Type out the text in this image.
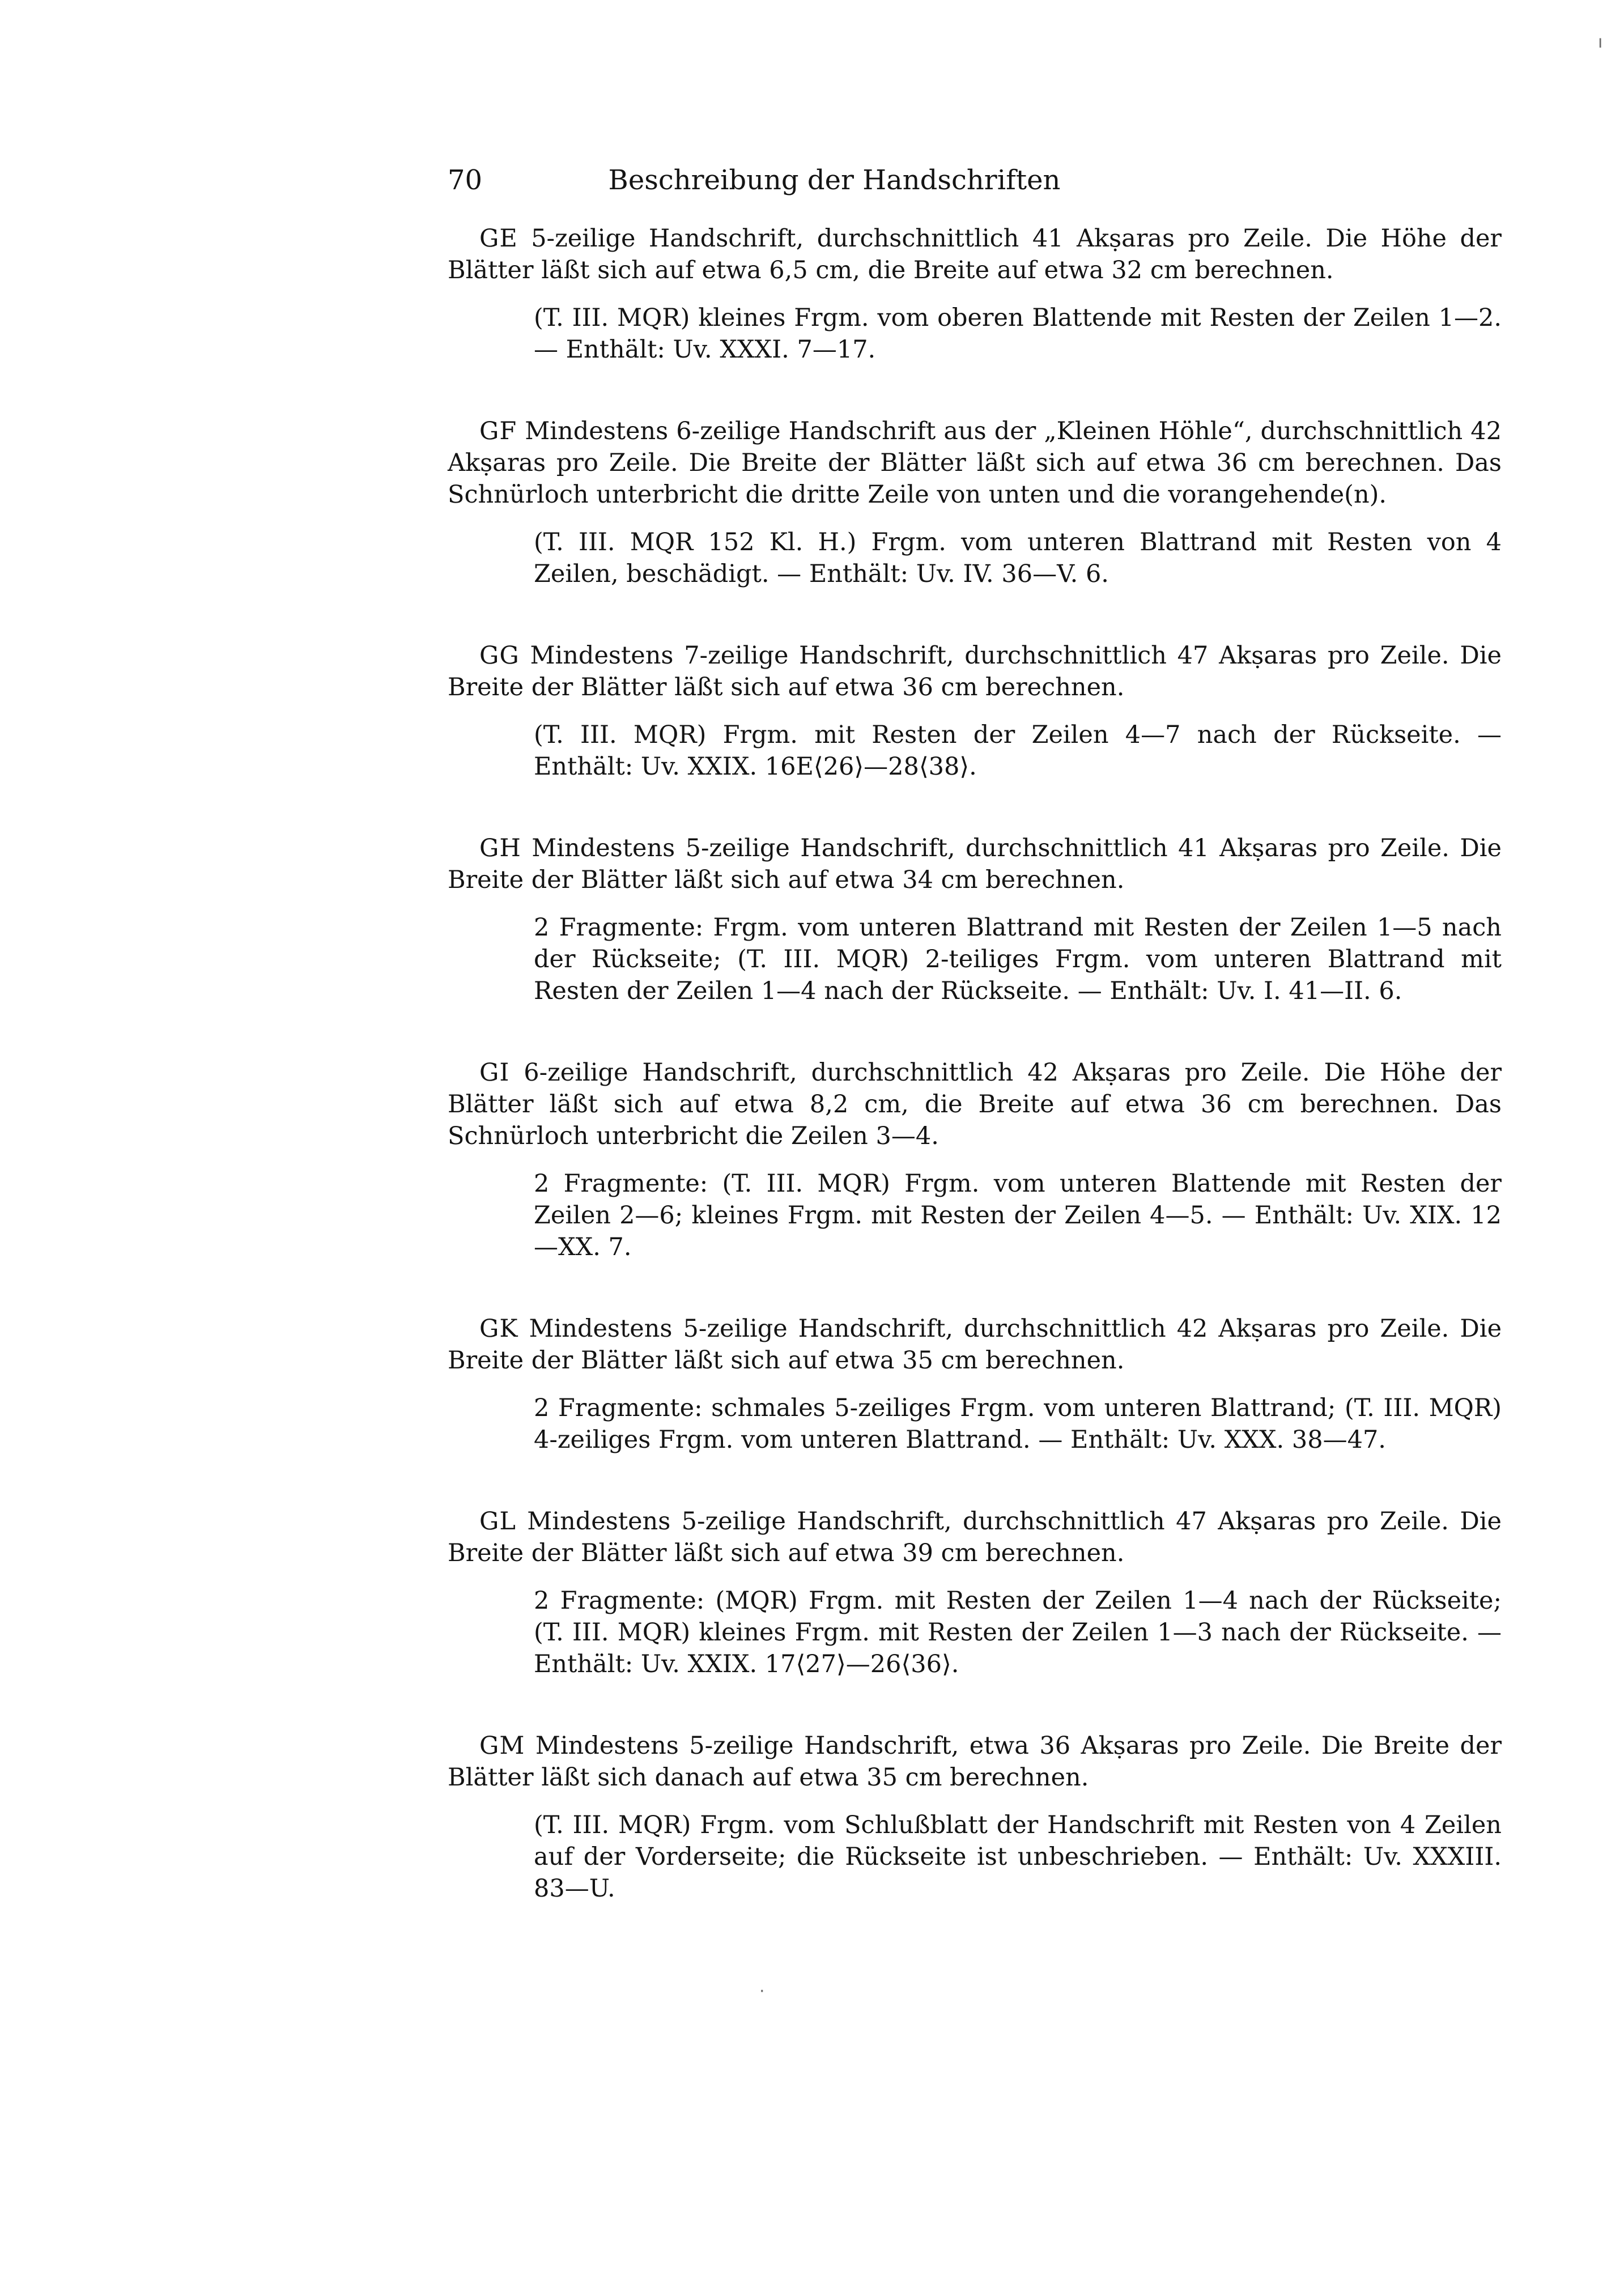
70	Beschreibung der Handschriften

GE 5-zeilige Handschrift, durchschnittlich 41 Akṣaras pro Zeile. Die Höhe der Blätter läßt sich auf etwa 6,5 cm, die Breite auf etwa 32 cm berechnen.

(T. III. MQR) kleines Frgm. vom oberen Blattende mit Resten der Zeilen 1—2. — Enthält: Uv. XXXI. 7—17.

GF Mindestens 6-zeilige Handschrift aus der „Kleinen Höhle“, durchschnittlich 42 Akṣaras pro Zeile. Die Breite der Blätter läßt sich auf etwa 36 cm berechnen. Das Schnürloch unterbricht die dritte Zeile von unten und die vorangehende(n).

(T. III. MQR 152 Kl. H.) Frgm. vom unteren Blattrand mit Resten von 4 Zeilen, beschädigt. — Enthält: Uv. IV. 36—V. 6.

GG Mindestens 7-zeilige Handschrift, durchschnittlich 47 Akṣaras pro Zeile. Die Breite der Blätter läßt sich auf etwa 36 cm berechnen.

(T. III. MQR) Frgm. mit Resten der Zeilen 4—7 nach der Rückseite. — Enthält: Uv. XXIX. 16E⟨26⟩—28⟨38⟩.

GH Mindestens 5-zeilige Handschrift, durchschnittlich 41 Akṣaras pro Zeile. Die Breite der Blätter läßt sich auf etwa 34 cm berechnen.

2 Fragmente: Frgm. vom unteren Blattrand mit Resten der Zeilen 1—5 nach der Rückseite; (T. III. MQR) 2-teiliges Frgm. vom unteren Blattrand mit Resten der Zeilen 1—4 nach der Rückseite. — Enthält: Uv. I. 41—II. 6.

GI 6-zeilige Handschrift, durchschnittlich 42 Akṣaras pro Zeile. Die Höhe der Blätter läßt sich auf etwa 8,2 cm, die Breite auf etwa 36 cm berechnen. Das Schnürloch unterbricht die Zeilen 3—4.

2 Fragmente: (T. III. MQR) Frgm. vom unteren Blattende mit Resten der Zeilen 2—6; kleines Frgm. mit Resten der Zeilen 4—5. — Enthält: Uv. XIX. 12—XX. 7.

GK Mindestens 5-zeilige Handschrift, durchschnittlich 42 Akṣaras pro Zeile. Die Breite der Blätter läßt sich auf etwa 35 cm berechnen.

2 Fragmente: schmales 5-zeiliges Frgm. vom unteren Blattrand; (T. III. MQR) 4-zeiliges Frgm. vom unteren Blattrand. — Enthält: Uv. XXX. 38—47.

GL Mindestens 5-zeilige Handschrift, durchschnittlich 47 Akṣaras pro Zeile. Die Breite der Blätter läßt sich auf etwa 39 cm berechnen.

2 Fragmente: (MQR) Frgm. mit Resten der Zeilen 1—4 nach der Rückseite; (T. III. MQR) kleines Frgm. mit Resten der Zeilen 1—3 nach der Rückseite. — Enthält: Uv. XXIX. 17⟨27⟩—26⟨36⟩.

GM Mindestens 5-zeilige Handschrift, etwa 36 Akṣaras pro Zeile. Die Breite der Blätter läßt sich danach auf etwa 35 cm berechnen.

(T. III. MQR) Frgm. vom Schlußblatt der Handschrift mit Resten von 4 Zeilen auf der Vorderseite; die Rückseite ist unbeschrieben. — Enthält: Uv. XXXIII. 83—U.

ı
·
